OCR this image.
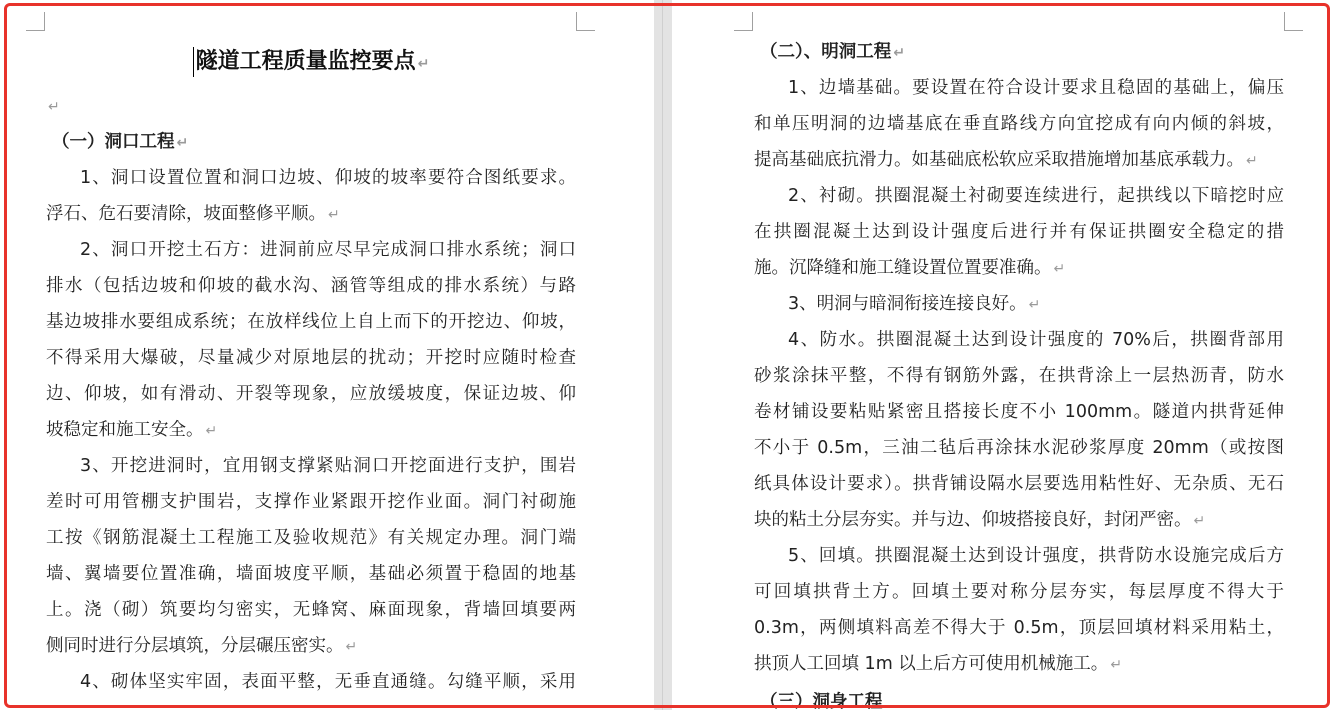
隧道工程质量监控要点 ↵
↵
（一）洞口工程 ↵
1、洞口设置位置和洞口边坡、仰坡的坡率要符合图纸要求。
浮石、危石要清除，坡面整修平顺。 ↵
2、洞口开挖土石方：进洞前应尽早完成洞口排水系统；洞口
排水（包括边坡和仰坡的截水沟、涵管等组成的排水系统）与路
基边坡排水要组成系统；在放样线位上自上而下的开挖边、仰坡，
不得采用大爆破，尽量减少对原地层的扰动；开挖时应随时检查
边、仰坡，如有滑动、开裂等现象，应放缓坡度，保证边坡、仰
坡稳定和施工安全。 ↵
3、开挖进洞时，宜用钢支撑紧贴洞口开挖面进行支护，围岩
差时可用管棚支护围岩，支撑作业紧跟开挖作业面。洞门衬砌施
工按《钢筋混凝土工程施工及验收规范》有关规定办理。洞门端
墙、翼墙要位置准确，墙面坡度平顺，基础必须置于稳固的地基
上。浇（砌）筑要均匀密实，无蜂窝、麻面现象，背墙回填要两
侧同时进行分层填筑，分层碾压密实。 ↵
4、砌体坚实牢固，表面平整，无垂直通缝。勾缝平顺，采用
（二）、明洞工程 ↵
1、边墙基础。要设置在符合设计要求且稳固的基础上，偏压
和单压明洞的边墙基底在垂直路线方向宜挖成有向内倾的斜坡，
提高基础底抗滑力。如基础底松软应采取措施增加基底承载力。 ↵
2、衬砌。拱圈混凝土衬砌要连续进行，起拱线以下暗挖时应
在拱圈混凝土达到设计强度后进行并有保证拱圈安全稳定的措
施。沉降缝和施工缝设置位置要准确。 ↵
3、明洞与暗洞衔接连接良好。 ↵
4、防水。拱圈混凝土达到设计强度的 70%后，拱圈背部用
砂浆涂抹平整，不得有钢筋外露，在拱背涂上一层热沥青，防水
卷材铺设要粘贴紧密且搭接长度不小 100mm。隧道内拱背延伸
不小于 0.5m，三油二毡后再涂抹水泥砂浆厚度 20mm（或按图
纸具体设计要求）。拱背铺设隔水层要选用粘性好、无杂质、无石
块的粘土分层夯实。并与边、仰坡搭接良好，封闭严密。 ↵
5、回填。拱圈混凝土达到设计强度，拱背防水设施完成后方
可回填拱背土方。回填土要对称分层夯实，每层厚度不得大于
0.3m，两侧填料高差不得大于 0.5m，顶层回填材料采用粘土，
拱顶人工回填 1m 以上后方可使用机械施工。 ↵
（三）洞身工程
